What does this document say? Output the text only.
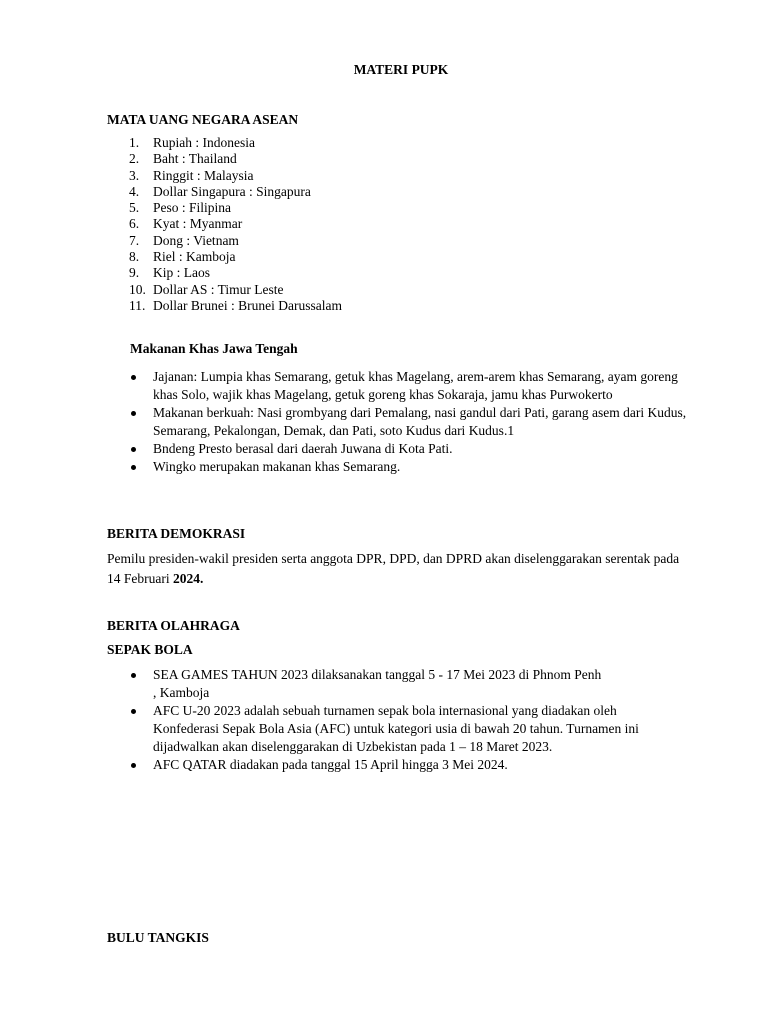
MATERI PUPK
MATA UANG NEGARA ASEAN
1. Rupiah : Indonesia
2. Baht : Thailand
3. Ringgit : Malaysia
4. Dollar Singapura : Singapura
5. Peso : Filipina
6. Kyat : Myanmar
7. Dong : Vietnam
8. Riel : Kamboja
9. Kip : Laos
10. Dollar AS : Timur Leste
11. Dollar Brunei : Brunei Darussalam
Makanan Khas Jawa Tengah
Jajanan: Lumpia khas Semarang, getuk khas Magelang, arem-arem khas Semarang, ayam goreng khas Solo, wajik khas Magelang, getuk goreng khas Sokaraja, jamu khas Purwokerto
Makanan berkuah: Nasi grombyang dari Pemalang, nasi gandul dari Pati, garang asem dari Kudus, Semarang, Pekalongan, Demak, dan Pati, soto Kudus dari Kudus.1
Bndeng Presto berasal dari daerah Juwana di Kota Pati.
Wingko merupakan makanan khas Semarang.
BERITA DEMOKRASI
Pemilu presiden-wakil presiden serta anggota DPR, DPD, dan DPRD akan diselenggarakan serentak pada 14 Februari 2024.
BERITA OLAHRAGA
SEPAK BOLA
SEA GAMES TAHUN 2023 dilaksanakan tanggal 5 - 17 Mei 2023 di Phnom Penh , Kamboja
AFC U-20 2023 adalah sebuah turnamen sepak bola internasional yang diadakan oleh Konfederasi Sepak Bola Asia (AFC) untuk kategori usia di bawah 20 tahun. Turnamen ini dijadwalkan akan diselenggarakan di Uzbekistan pada 1 – 18 Maret 2023.
AFC QATAR diadakan pada tanggal 15 April hingga 3 Mei 2024.
BULU TANGKIS
